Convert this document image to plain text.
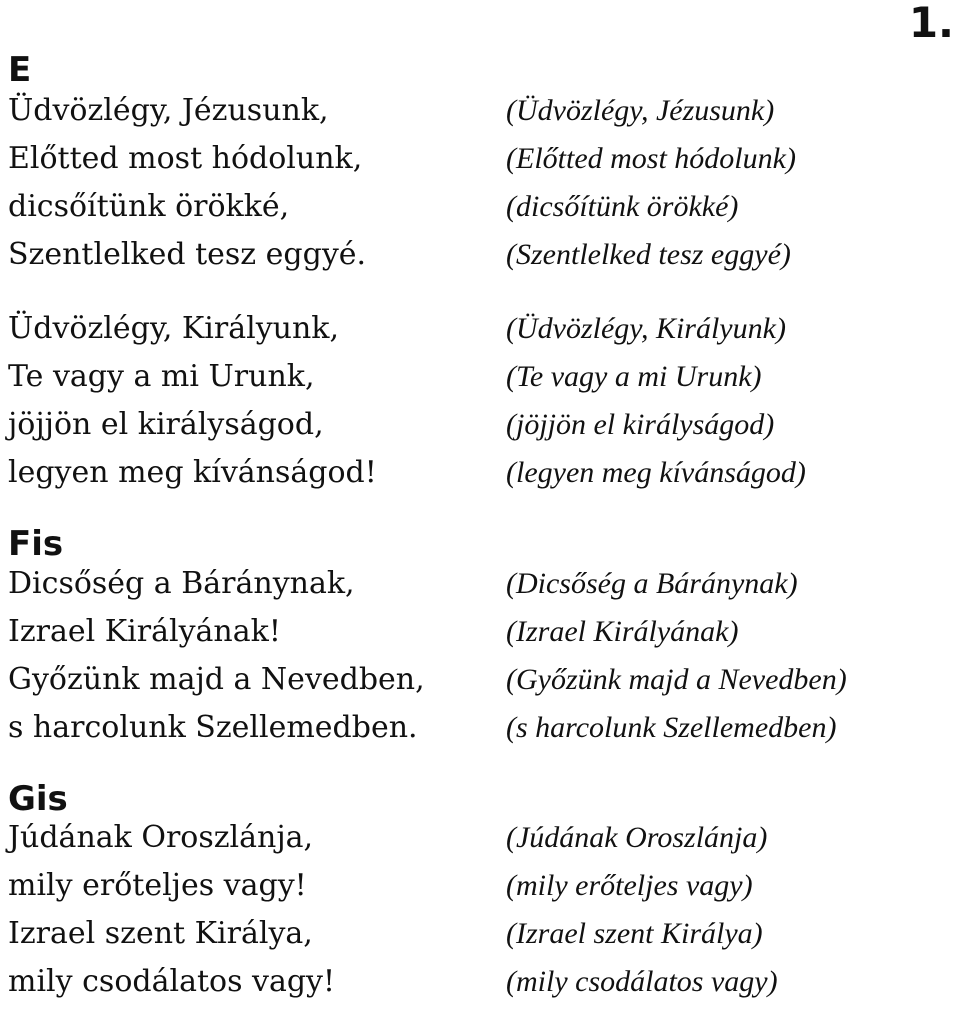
1.
E
Üdvözlégy, Jézusunk,
Előtted most hódolunk,
dicsőítünk örökké,
Szentlelked tesz eggyé.
(Üdvözlégy, Jézusunk)
(Előtted most hódolunk)
(dicsőítünk örökké)
(Szentlelked tesz eggyé)
Üdvözlégy, Királyunk,
Te vagy a mi Urunk,
jöjjön el királyságod,
legyen meg kívánságod!
(Üdvözlégy, Királyunk)
(Te vagy a mi Urunk)
(jöjjön el királyságod)
(legyen meg kívánságod)
Fis
Dicsőség a Báránynak,
Izrael Királyának!
Győzünk majd a Nevedben,
s harcolunk Szellemedben.
(Dicsőség a Báránynak)
(Izrael Királyának)
(Győzünk majd a Nevedben)
(s harcolunk Szellemedben)
Gis
Júdának Oroszlánja,
mily erőteljes vagy!
Izrael szent Királya,
mily csodálatos vagy!
(Júdának Oroszlánja)
(mily erőteljes vagy)
(Izrael szent Királya)
(mily csodálatos vagy)
